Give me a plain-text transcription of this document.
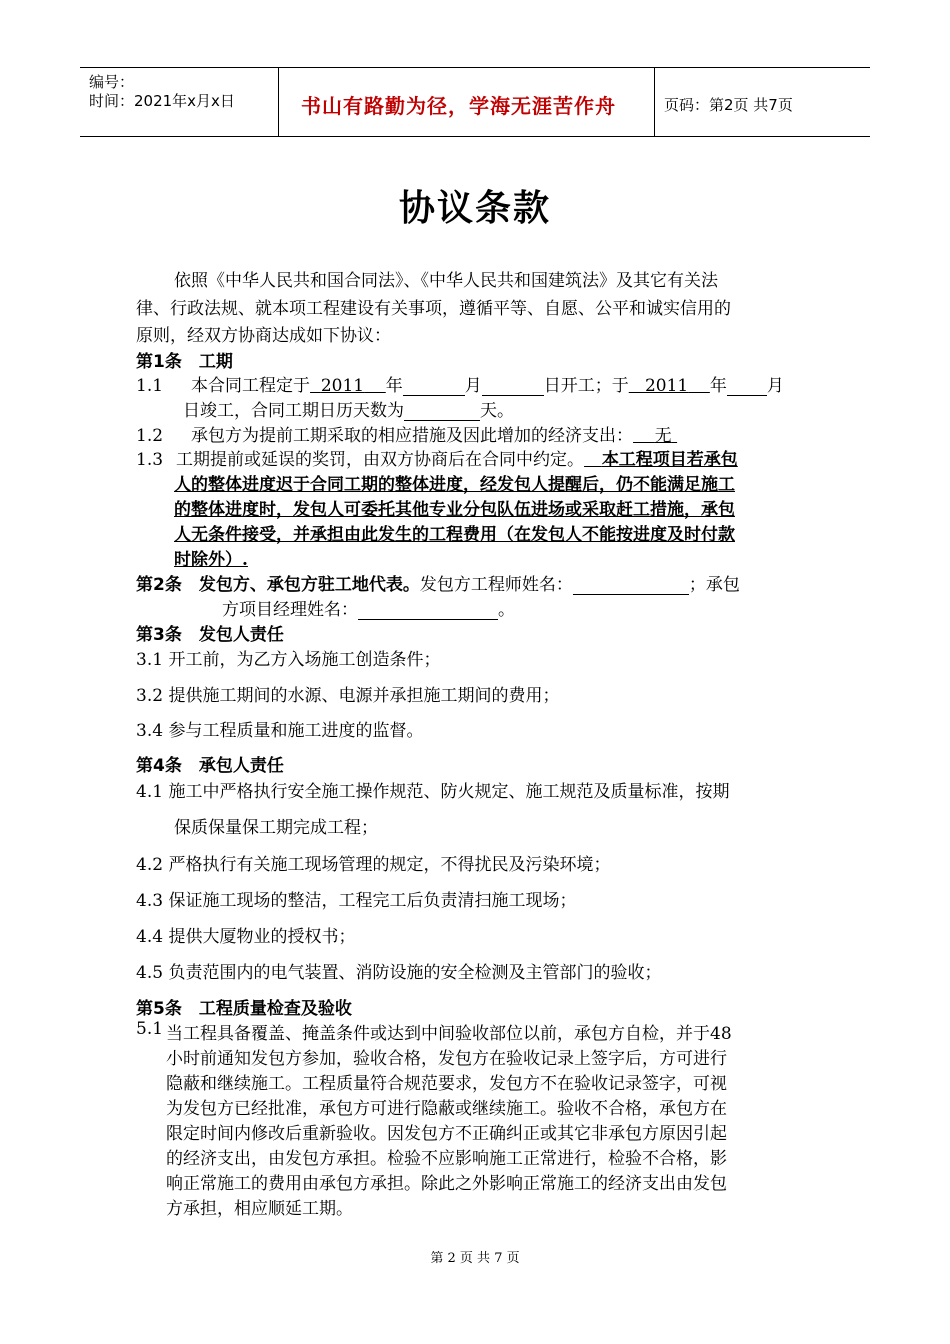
编号：
时间：2021年x月x日	书山有路勤为径，学海无涯苦作舟	页码：第2页 共7页
协议条款
依照《中华人民共和国合同法》、《中华人民共和国建筑法》及其它有关法
律、行政法规、就本项工程建设有关事项，遵循平等、自愿、公平和诚实信用的
原则，经双方协商达成如下协议：
第1条　工期
1.1 本合同工程定于 2011 年	月	日开工；于 2011 年 月
日竣工，合同工期日历天数为	天。
1.2 承包方为提前工期采取的相应措施及因此增加的经济支出： 无
1.3 工期提前或延误的奖罚，由双方协商后在合同中约定。 本工程项目若承包
人的整体进度迟于合同工期的整体进度，经发包人提醒后，仍不能满足施工
的整体进度时，发包人可委托其他专业分包队伍进场或采取赶工措施，承包
人无条件接受，并承担由此发生的工程费用（在发包人不能按进度及时付款
时除外）.
第2条　发包方、承包方驻工地代表。发包方工程师姓名：	；承包
方项目经理姓名：	。
第3条　发包人责任
3.1 开工前，为乙方入场施工创造条件；
3.2 提供施工期间的水源、电源并承担施工期间的费用；
3.4 参与工程质量和施工进度的监督。
第4条　承包人责任
4.1 施工中严格执行安全施工操作规范、防火规定、施工规范及质量标准，按期
保质保量保工期完成工程；
4.2 严格执行有关施工现场管理的规定，不得扰民及污染环境；
4.3 保证施工现场的整洁，工程完工后负责清扫施工现场；
4.4 提供大厦物业的授权书；
4.5 负责范围内的电气装置、消防设施的安全检测及主管部门的验收；
第5条　工程质量检查及验收
5.1 当工程具备覆盖、掩盖条件或达到中间验收部位以前，承包方自检，并于48
小时前通知发包方参加，验收合格，发包方在验收记录上签字后，方可进行
隐蔽和继续施工。工程质量符合规范要求，发包方不在验收记录签字，可视
为发包方已经批准，承包方可进行隐蔽或继续施工。验收不合格，承包方在
限定时间内修改后重新验收。因发包方不正确纠正或其它非承包方原因引起
的经济支出，由发包方承担。检验不应影响施工正常进行，检验不合格，影
响正常施工的费用由承包方承担。除此之外影响正常施工的经济支出由发包
方承担，相应顺延工期。
第 2 页 共 7 页
